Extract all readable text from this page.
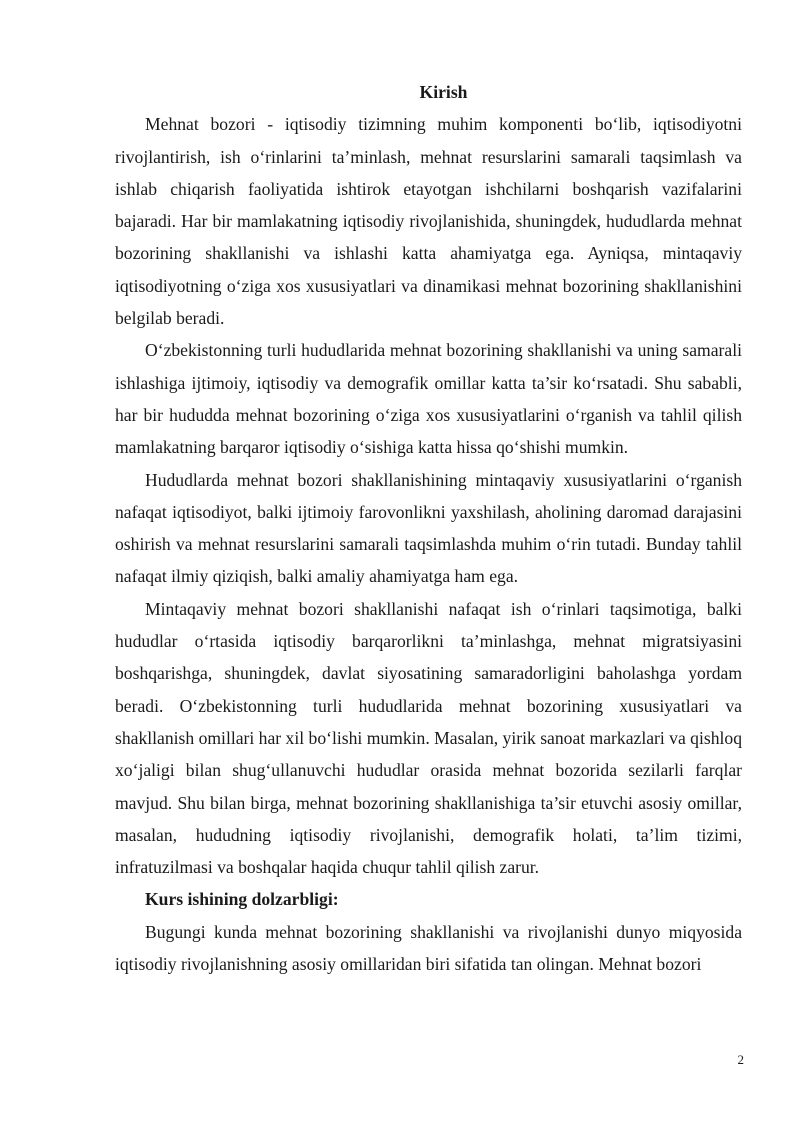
Kirish

Mehnat bozori - iqtisodiy tizimning muhim komponenti bo‘lib, iqtisodiyotni rivojlantirish, ish o‘rinlarini ta’minlash, mehnat resurslarini samarali taqsimlash va ishlab chiqarish faoliyatida ishtirok etayotgan ishchilarni boshqarish vazifalarini bajaradi. Har bir mamlakatning iqtisodiy rivojlanishida, shuningdek, hududlarda mehnat bozorining shakllanishi va ishlashi katta ahamiyatga ega. Ayniqsa, mintaqaviy iqtisodiyotning o‘ziga xos xususiyatlari va dinamikasi mehnat bozorining shakllanishini belgilab beradi.

O‘zbekistonning turli hududlarida mehnat bozorining shakllanishi va uning samarali ishlashiga ijtimoiy, iqtisodiy va demografik omillar katta ta’sir ko‘rsatadi. Shu sababli, har bir hududda mehnat bozorining o‘ziga xos xususiyatlarini o‘rganish va tahlil qilish mamlakatning barqaror iqtisodiy o‘sishiga katta hissa qo‘shishi mumkin.

Hududlarda mehnat bozori shakllanishining mintaqaviy xususiyatlarini o‘rganish nafaqat iqtisodiyot, balki ijtimoiy farovonlikni yaxshilash, aholining daromad darajasini oshirish va mehnat resurslarini samarali taqsimlashda muhim o‘rin tutadi. Bunday tahlil nafaqat ilmiy qiziqish, balki amaliy ahamiyatga ham ega.

Mintaqaviy mehnat bozori shakllanishi nafaqat ish o‘rinlari taqsimotiga, balki hududlar o‘rtasida iqtisodiy barqarorlikni ta’minlashga, mehnat migratsiyasini boshqarishga, shuningdek, davlat siyosatining samaradorligini baholashga yordam beradi. O‘zbekistonning turli hududlarida mehnat bozorining xususiyatlari va shakllanish omillari har xil bo‘lishi mumkin. Masalan, yirik sanoat markazlari va qishloq xo‘jaligi bilan shug‘ullanuvchi hududlar orasida mehnat bozorida sezilarli farqlar mavjud. Shu bilan birga, mehnat bozorining shakllanishiga ta’sir etuvchi asosiy omillar, masalan, hududning iqtisodiy rivojlanishi, demografik holati, ta’lim tizimi, infratuzilmasi va boshqalar haqida chuqur tahlil qilish zarur.

Kurs ishining dolzarbligi:

Bugungi kunda mehnat bozorining shakllanishi va rivojlanishi dunyo miqyosida iqtisodiy rivojlanishning asosiy omillaridan biri sifatida tan olingan. Mehnat bozori

2
